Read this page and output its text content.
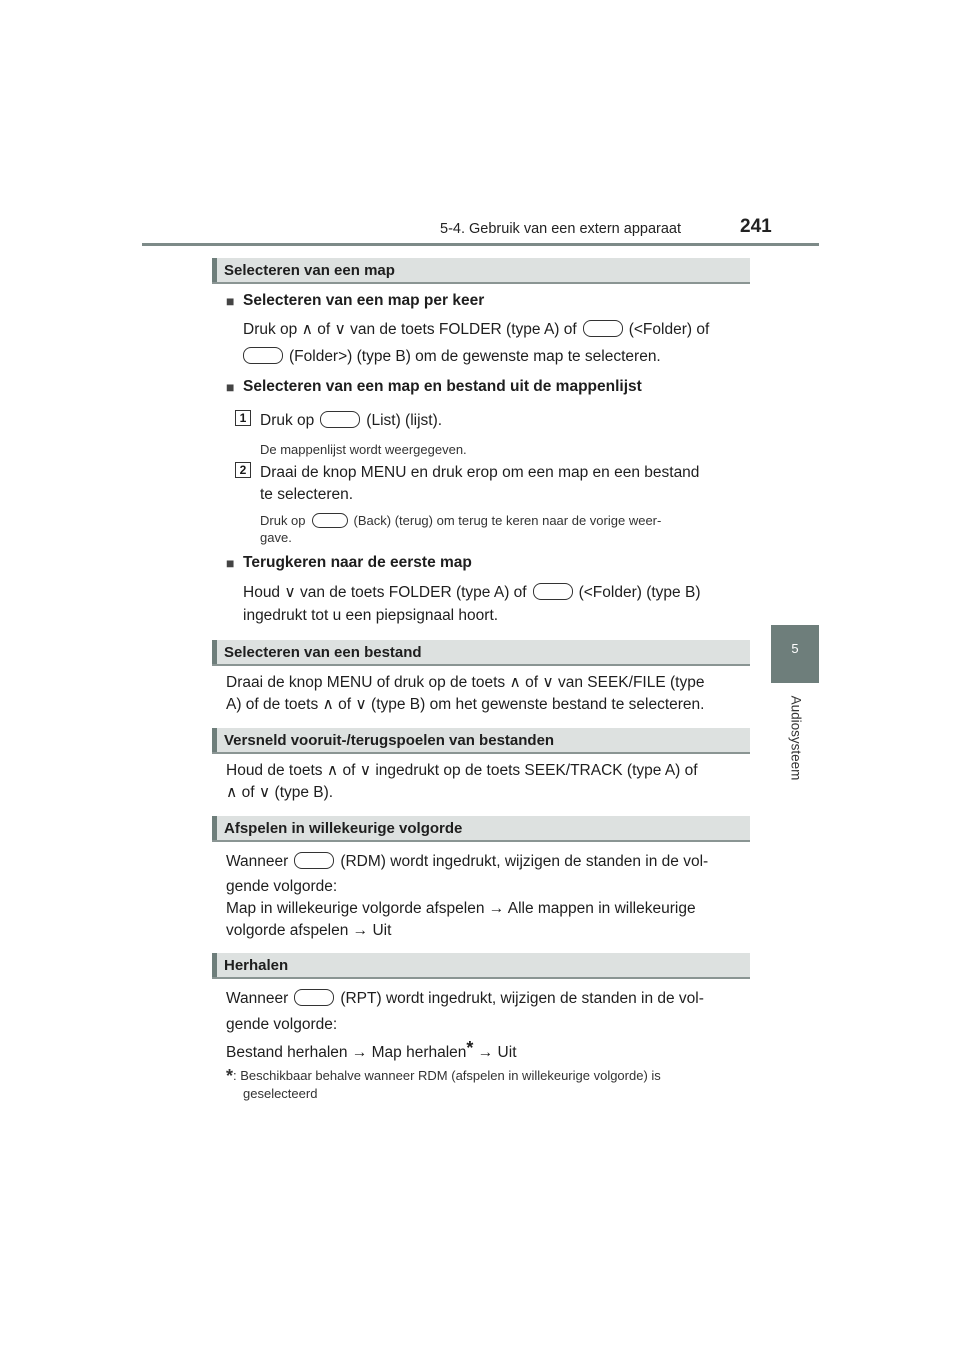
5-4. Gebruik van een extern apparaat	241
5
Audiosysteem
Selecteren van een map
■ Selecteren van een map per keer
Druk op ∧ of ∨ van de toets FOLDER (type A) of	(<Folder) of
(Folder>) (type B) om de gewenste map te selecteren.
■ Selecteren van een map en bestand uit de mappenlijst
1 Druk op	(List) (lijst).
De mappenlijst wordt weergegeven.
2 Draai de knop MENU en druk erop om een map en een bestand
te selecteren.
Druk op	(Back) (terug) om terug te keren naar de vorige weer-
gave.
■ Terugkeren naar de eerste map
Houd ∨ van de toets FOLDER (type A) of	(<Folder) (type B)
ingedrukt tot u een piepsignaal hoort.
Selecteren van een bestand
Draai de knop MENU of druk op de toets ∧ of ∨ van SEEK/FILE (type
A) of de toets ∧ of ∨ (type B) om het gewenste bestand te selecteren.
Versneld vooruit-/terugspoelen van bestanden
Houd de toets ∧ of ∨ ingedrukt op de toets SEEK/TRACK (type A) of
∧ of ∨ (type B).
Afspelen in willekeurige volgorde
Wanneer	(RDM) wordt ingedrukt, wijzigen de standen in de vol-
gende volgorde:
Map in willekeurige volgorde afspelen → Alle mappen in willekeurige
volgorde afspelen → Uit
Herhalen
Wanneer	(RPT) wordt ingedrukt, wijzigen de standen in de vol-
gende volgorde:
Bestand herhalen → Map herhalen* → Uit
*: Beschikbaar behalve wanneer RDM (afspelen in willekeurige volgorde) is
geselecteerd
